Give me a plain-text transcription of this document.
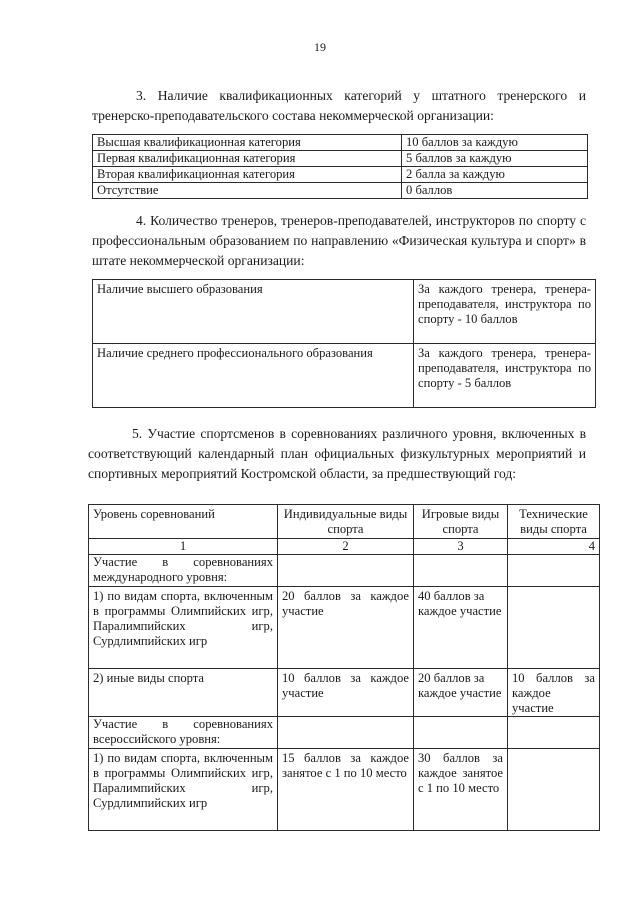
19
3. Наличие квалификационных категорий у штатного тренерского и тренерско-преподавательского состава некоммерческой организации:
Высшая квалификационная категория	10 баллов за каждую
Первая квалификационная категория	5 баллов за каждую
Вторая квалификационная категория	2 балла за каждую
Отсутствие	0 баллов
4. Количество тренеров, тренеров-преподавателей, инструкторов по спорту с профессиональным образованием по направлению «Физическая культура и спорт» в штате некоммерческой организации:
Наличие высшего образования	За каждого тренера, тренера-преподавателя, инструктора по спорту - 10 баллов
Наличие среднего профессионального образования	За каждого тренера, тренера-преподавателя, инструктора по спорту - 5 баллов
5. Участие спортсменов в соревнованиях различного уровня, включенных в соответствующий календарный план официальных физкультурных мероприятий и спортивных мероприятий Костромской области, за предшествующий год:
Уровень соревнований	Индивидуальные виды спорта	Игровые виды спорта	Технические виды спорта
1	2	3	4
Участие в соревнованиях международного уровня:			
1) по видам спорта, включенным в программы Олимпийских игр, Паралимпийских игр, Сурдлимпийских игр	20 баллов за каждое участие	40 баллов за каждое участие	
2) иные виды спорта	10 баллов за каждое участие	20 баллов за каждое участие	10 баллов за каждое участие
Участие в соревнованиях всероссийского уровня:			
1) по видам спорта, включенным в программы Олимпийских игр, Паралимпийских игр, Сурдлимпийских игр	15 баллов за каждое занятое с 1 по 10 место	30 баллов за каждое занятое с 1 по 10 место	
